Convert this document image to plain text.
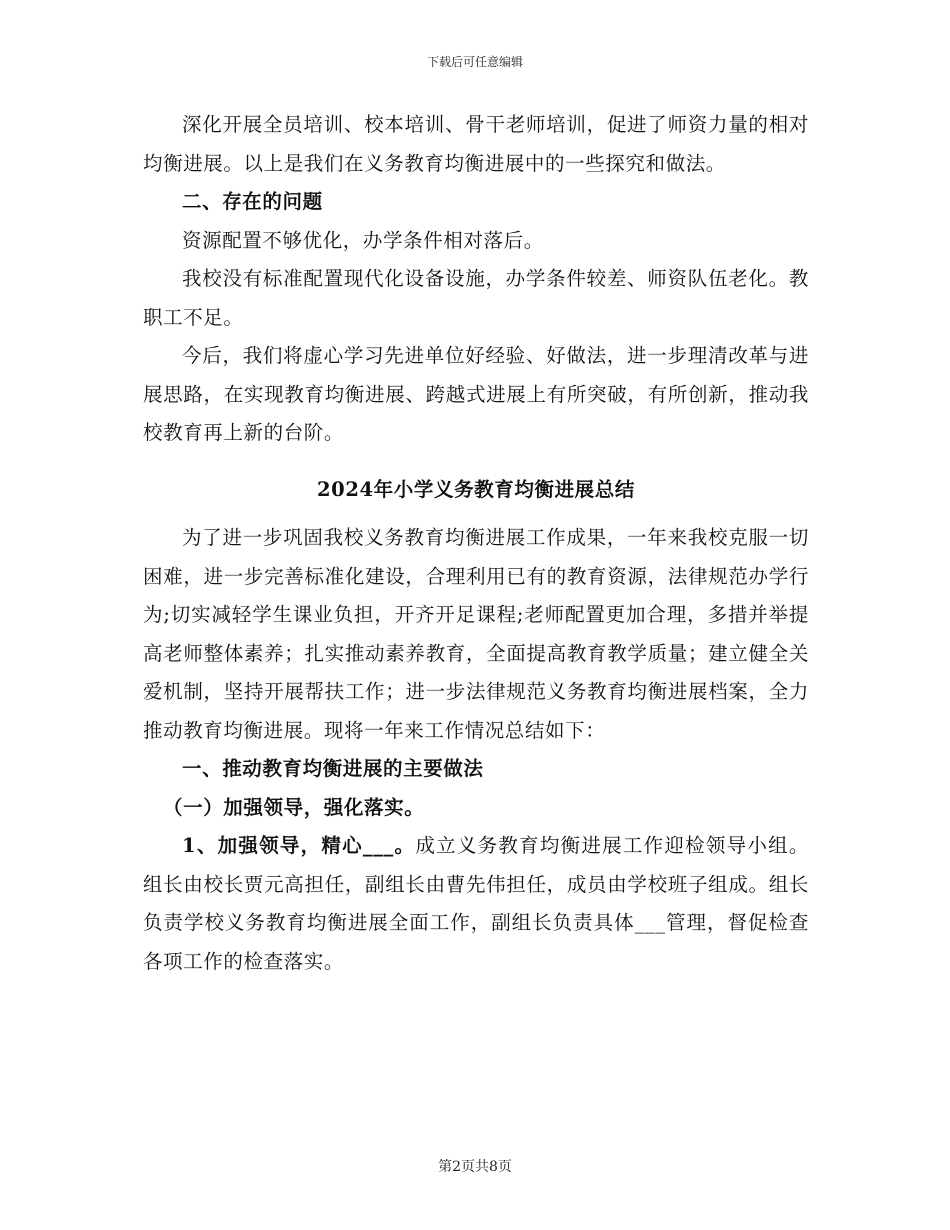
下载后可任意编辑

深化开展全员培训、校本培训、骨干老师培训，促进了师资力量的相对均衡进展。以上是我们在义务教育均衡进展中的一些探究和做法。

二、存在的问题

资源配置不够优化，办学条件相对落后。

我校没有标准配置现代化设备设施，办学条件较差、师资队伍老化。教职工不足。

今后，我们将虚心学习先进单位好经验、好做法，进一步理清改革与进展思路，在实现教育均衡进展、跨越式进展上有所突破，有所创新，推动我校教育再上新的台阶。

2024年小学义务教育均衡进展总结

为了进一步巩固我校义务教育均衡进展工作成果，一年来我校克服一切困难，进一步完善标准化建设，合理利用已有的教育资源，法律规范办学行为;切实减轻学生课业负担，开齐开足课程;老师配置更加合理，多措并举提高老师整体素养；扎实推动素养教育，全面提高教育教学质量；建立健全关爱机制，坚持开展帮扶工作；进一步法律规范义务教育均衡进展档案，全力推动教育均衡进展。现将一年来工作情况总结如下：

一、推动教育均衡进展的主要做法

（一）加强领导，强化落实。

1、加强领导，精心___。成立义务教育均衡进展工作迎检领导小组。组长由校长贾元高担任，副组长由曹先伟担任，成员由学校班子组成。组长负责学校义务教育均衡进展全面工作，副组长负责具体___管理，督促检查各项工作的检查落实。

第2页共8页
